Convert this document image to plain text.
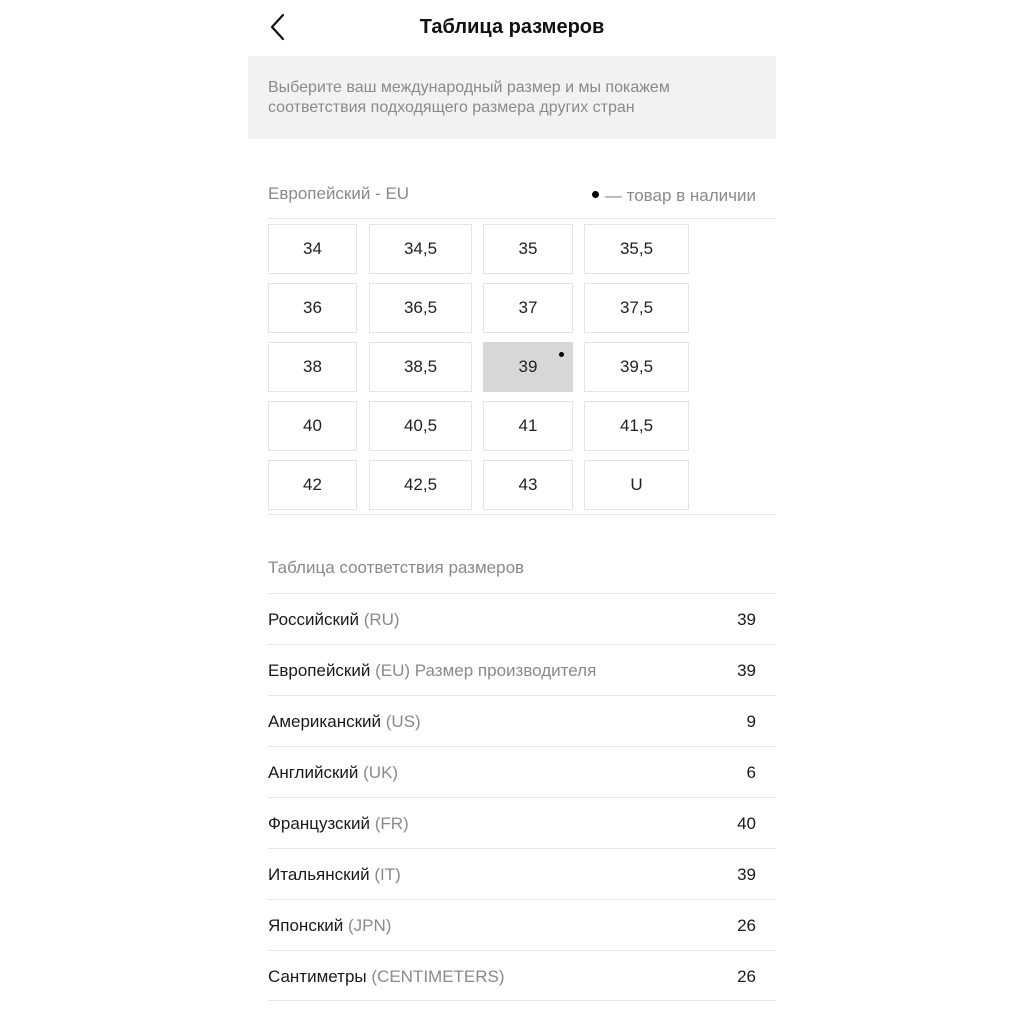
Таблица размеров
Выберите ваш международный размер и мы покажем
соответствия подходящего размера других стран
Европейский - EU	— товар в наличии
34	34,5	35	35,5
36	36,5	37	37,5
38	38,5	39	39,5
40	40,5	41	41,5
42	42,5	43	U
Таблица соответствия размеров
Российский (RU)	39
Европейский (EU) Размер производителя	39
Американский (US)	9
Английский (UK)	6
Французский (FR)	40
Итальянский (IT)	39
Японский (JPN)	26
Сантиметры (CENTIMETERS)	26
